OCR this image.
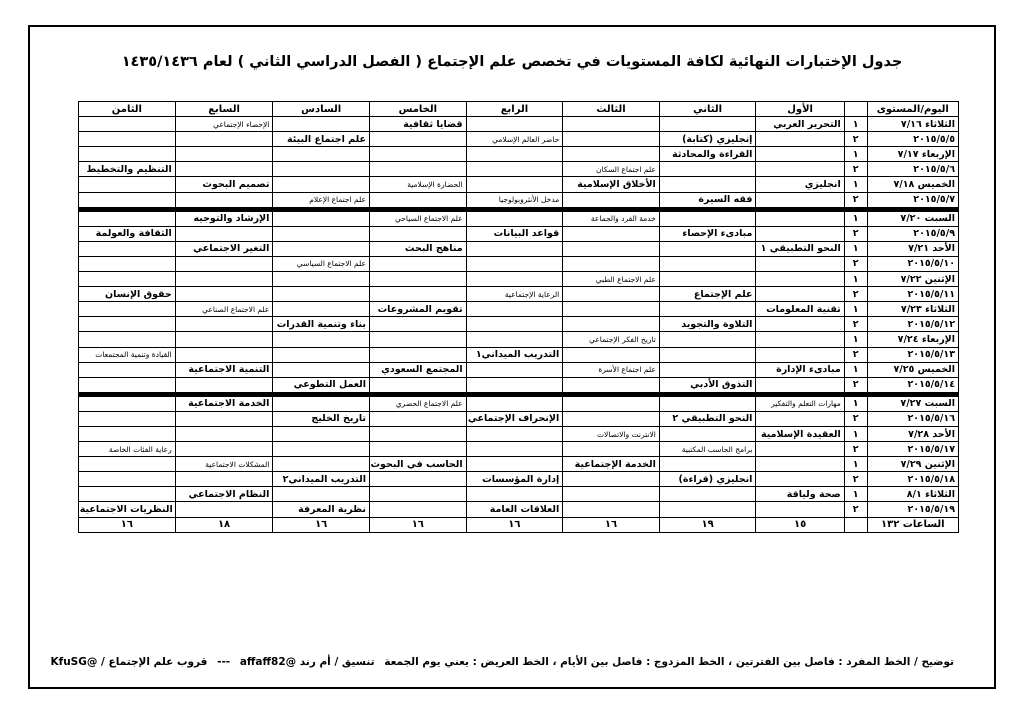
جدول الإختبارات النهائية لكافة المستويات في تخصص علم الإجتماع ( الفصل الدراسي الثاني ) لعام ١٤٣٥/١٤٣٦
اليوم/المستوى		الأول	الثاني	الثالث	الرابع	الخامس	السادس	السابع	الثامن
الثلاثاء ٧/١٦	١	التحرير العربي				قضايا ثقافية		الإحصاء الإجتماعي	
٢٠١٥/٥/٥	٢		إنجليزي (كتابة)		حاضر العالم الإسلامي		علم اجتماع البيئة		
الإربعاء ٧/١٧	١		القراءة والمحادثة						
٢٠١٥/٥/٦	٢			علم اجتماع السكان					التنظيم والتخطيط
الخميس ٧/١٨	١	انجليزي		الأخلاق الإسلامية		الحضارة الإسلامية		تصميم البحوث	
٢٠١٥/٥/٧	٢		فقه السيرة		مدخل الأنثروبولوجيا		علم اجتماع الإعلام		
السبت ٧/٢٠	١			خدمة الفرد والجماعة		علم الاجتماع السياحي		الإرشاد والتوجيه	
٢٠١٥/٥/٩	٢		مبادىء الإحصاء		قواعد البيانات				الثقافة والعولمة
الأحد ٧/٢١	١	النحو التطبيقي ١				مناهج البحث		التغير الاجتماعي	
٢٠١٥/٥/١٠	٢						علم الاجتماع السياسي		
الإثنين ٧/٢٢	١			علم الاجتماع الطبي					
٢٠١٥/٥/١١	٢		علم الإجتماع		الرعاية الإجتماعية				حقوق الإنسان
الثلاثاء ٧/٢٣	١	تقنية المعلومات				تقويم المشروعات		علم الاجتماع الصناعي	
٢٠١٥/٥/١٢	٢		التلاوة والتجويد				بناء وتنمية القدرات		
الإربعاء ٧/٢٤	١			تاريخ الفكر الإجتماعي					
٢٠١٥/٥/١٣	٢				التدريب الميداني١				القيادة وتنمية المجتمعات
الخميس ٧/٢٥	١	مبادىء الإدارة		علم اجتماع الأسرة		المجتمع السعودي		التنمية الاجتماعية	
٢٠١٥/٥/١٤	٢		التذوق الأدبي				العمل التطوعي		
السبت ٧/٢٧	١	مهارات التعلم والتفكير				علم الاجتماع الحضري		الخدمة الاجتماعية	
٢٠١٥/٥/١٦	٢		النحو التطبيقي ٢		الإنحراف الإجتماعي		تاريخ الخليج		
الأحد ٧/٢٨	١	العقيدة الإسلامية		الانترنت والاتصالات					
٢٠١٥/٥/١٧	٢		برامج الحاسب المكتبية						رعاية الفئات الخاصة
الإثنين ٧/٢٩	١			الخدمة الإجتماعية		الحاسب في البحوث		المشكلات الاجتماعية	
٢٠١٥/٥/١٨	٢		انجليزي (قراءة)		إدارة المؤسسات		التدريب الميداني٢		
الثلاثاء ٨/١	١	صحة ولياقة						النظام الاجتماعي	
٢٠١٥/٥/١٩	٢				العلاقات العامة		نظرية المعرفة		النظريات الاجتماعية
الساعات ١٣٢		١٥	١٩	١٦	١٦	١٦	١٦	١٨	١٦
توضيح / الخط المفرد : فاصل بين الفترتين ، الخط المزدوج : فاصل بين الأيام ، الخط العريض : يعني يوم الجمعة تنسيق / أم رند @affaff82 --- قروب علم الإجتماع / @KfuSG
